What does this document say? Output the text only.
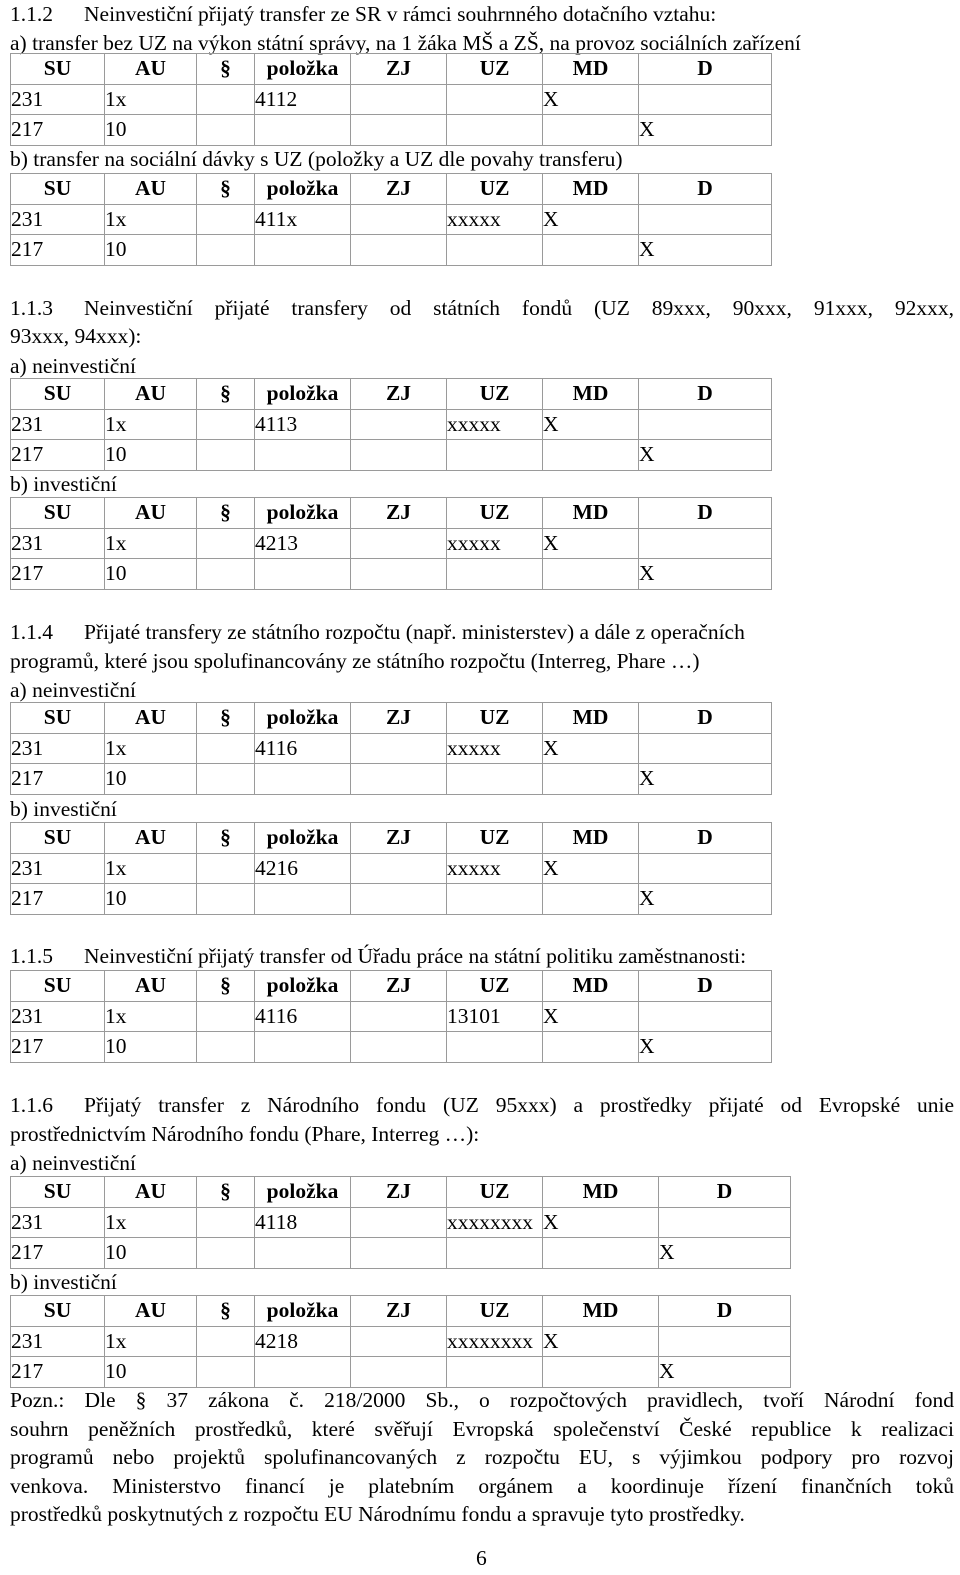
1.1.2	Neinvestiční přijatý transfer ze SR v rámci souhrnného dotačního vztahu:
a) transfer bez UZ na výkon státní správy, na 1 žáka MŠ a ZŠ, na provoz sociálních zařízení
SU	AU	§	položka	ZJ	UZ	MD	D
231	1x		4112			X	
217	10						X
b) transfer na sociální dávky s UZ (položky a UZ dle povahy transferu)
SU	AU	§	položka	ZJ	UZ	MD	D
231	1x		411x		xxxxx	X	
217	10						X
1.1.3	Neinvestiční přijaté transfery od státních fondů (UZ 89xxx, 90xxx, 91xxx, 92xxx,
93xxx, 94xxx):
a) neinvestiční
SU	AU	§	položka	ZJ	UZ	MD	D
231	1x		4113		xxxxx	X	
217	10						X
b) investiční
SU	AU	§	položka	ZJ	UZ	MD	D
231	1x		4213		xxxxx	X	
217	10						X
1.1.4	Přijaté transfery ze státního rozpočtu (např. ministerstev) a dále z operačních
programů, které jsou spolufinancovány ze státního rozpočtu (Interreg, Phare …)
a) neinvestiční
SU	AU	§	položka	ZJ	UZ	MD	D
231	1x		4116		xxxxx	X	
217	10						X
b) investiční
SU	AU	§	položka	ZJ	UZ	MD	D
231	1x		4216		xxxxx	X	
217	10						X
1.1.5	Neinvestiční přijatý transfer od Úřadu práce na státní politiku zaměstnanosti:
SU	AU	§	položka	ZJ	UZ	MD	D
231	1x		4116		13101	X	
217	10						X
1.1.6	Přijatý transfer z Národního fondu (UZ 95xxx) a prostředky přijaté od Evropské unie
prostřednictvím Národního fondu (Phare, Interreg …):
a) neinvestiční
SU	AU	§	položka	ZJ	UZ	MD	D
231	1x		4118		xxxxxxxx	X	
217	10						X
b) investiční
SU	AU	§	položka	ZJ	UZ	MD	D
231	1x		4218		xxxxxxxx	X	
217	10						X
Pozn.: Dle § 37 zákona č. 218/2000 Sb., o rozpočtových pravidlech, tvoří Národní fond
souhrn peněžních prostředků, které svěřují Evropská společenství České republice k realizaci
programů nebo projektů spolufinancovaných z rozpočtu EU, s výjimkou podpory pro rozvoj
venkova. Ministerstvo financí je platebním orgánem a koordinuje řízení finančních toků
prostředků poskytnutých z rozpočtu EU Národnímu fondu a spravuje tyto prostředky.
6
